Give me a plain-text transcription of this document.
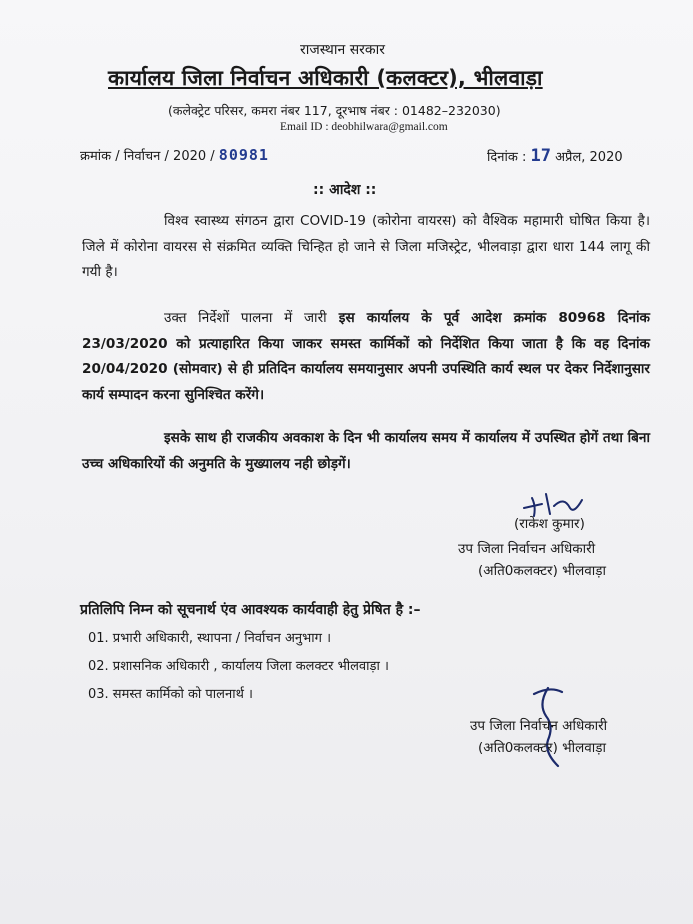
राजस्थान सरकार
कार्यालय जिला निर्वाचन अधिकारी (कलक्टर), भीलवाड़ा
(कलेक्ट्रेट परिसर, कमरा नंबर 117, दूरभाष नंबर : 01482–232030)
Email ID : deobhilwara@gmail.com
क्रमांक / निर्वाचन / 2020 / 80981	दिनांक : 17 अप्रैल, 2020
:: आदेश ::
विश्व स्वास्थ्य संगठन द्वारा COVID-19 (कोरोना वायरस) को वैश्विक महामारी घोषित किया है। जिले में कोरोना वायरस से संक्रमित व्यक्ति चिन्हित हो जाने से जिला मजिस्ट्रेट, भीलवाड़ा द्वारा धारा 144 लागू की गयी है।
उक्त निर्देशों पालना में जारी इस कार्यालय के पूर्व आदेश क्रमांक 80968 दिनांक 23/03/2020 को प्रत्याहारित किया जाकर समस्त कार्मिकों को निर्देशित किया जाता है कि वह दिनांक 20/04/2020 (सोमवार) से ही प्रतिदिन कार्यालय समयानुसार अपनी उपस्थिति कार्य स्थल पर देकर निर्देशानुसार कार्य सम्पादन करना सुनिश्चित करेंगे।
इसके साथ ही राजकीय अवकाश के दिन भी कार्यालय समय में कार्यालय में उपस्थित होगें तथा बिना उच्च अधिकारियों की अनुमति के मुख्यालय नही छोड़गें।
(राकेश कुमार)
उप जिला निर्वाचन अधिकारी
(अति0कलक्टर) भीलवाड़ा
प्रतिलिपि निम्न को सूचनार्थ एंव आवश्यक कार्यवाही हेतु प्रेषित है :–
01. प्रभारी अधिकारी, स्थापना / निर्वाचन अनुभाग ।
02. प्रशासनिक अधिकारी , कार्यालय जिला कलक्टर भीलवाड़ा ।
03. समस्त कार्मिको को पालनार्थ ।
उप जिला निर्वाचन अधिकारी
(अति0कलक्टर) भीलवाड़ा
